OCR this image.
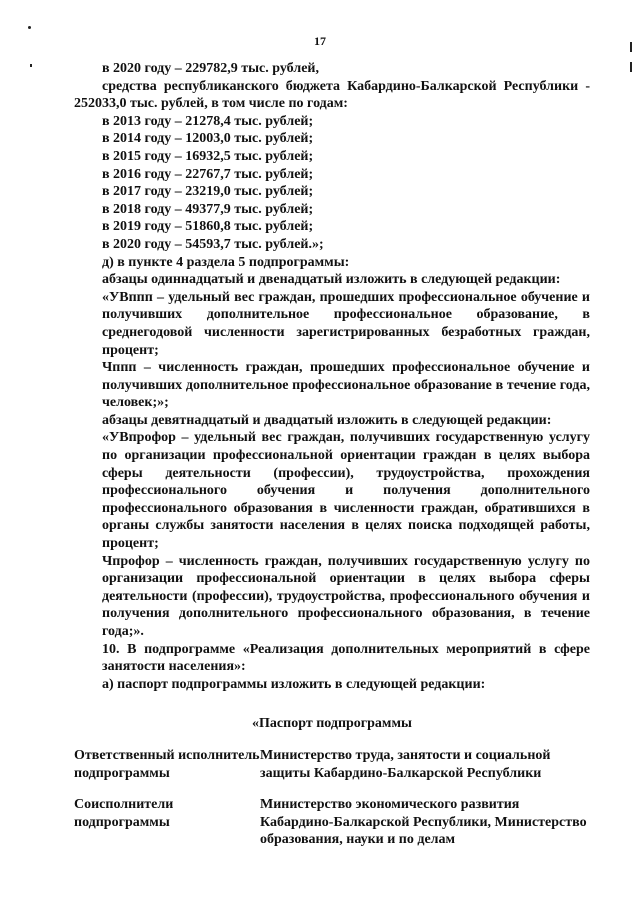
17
в 2020 году – 229782,9 тыс. рублей,
средства республиканского бюджета Кабардино-Балкарской Республики -
252033,0 тыс. рублей, в том числе по годам:
в 2013 году – 21278,4 тыс. рублей;
в 2014 году – 12003,0 тыс. рублей;
в 2015 году – 16932,5 тыс. рублей;
в 2016 году – 22767,7 тыс. рублей;
в 2017 году – 23219,0 тыс. рублей;
в 2018 году – 49377,9 тыс. рублей;
в 2019 году – 51860,8 тыс. рублей;
в 2020 году – 54593,7 тыс. рублей.»;
д) в пункте 4 раздела 5 подпрограммы:
абзацы одиннадцатый и двенадцатый изложить в следующей редакции:
«УВппп – удельный вес граждан, прошедших профессиональное обучение и получивших дополнительное профессиональное образование, в среднегодовой численности зарегистрированных безработных граждан, процент;
Чппп – численность граждан, прошедших профессиональное обучение и получивших дополнительное профессиональное образование в течение года, человек;»;
абзацы девятнадцатый и двадцатый изложить в следующей редакции:
«УВпрофор – удельный вес граждан, получивших государственную услугу по организации профессиональной ориентации граждан в целях выбора сферы деятельности (профессии), трудоустройства, прохождения профессионального обучения и получения дополнительного профессионального образования в численности граждан, обратившихся в органы службы занятости населения в целях поиска подходящей работы, процент;
Чпрофор – численность граждан, получивших государственную услугу по организации профессиональной ориентации в целях выбора сферы деятельности (профессии), трудоустройства, профессионального обучения и получения дополнительного профессионального образования, в течение года;».
10. В подпрограмме «Реализация дополнительных мероприятий в сфере занятости населения»:
а) паспорт подпрограммы изложить в следующей редакции:
«Паспорт подпрограммы
Ответственный исполнитель подпрограммы
Министерство труда, занятости и социальной защиты Кабардино-Балкарской Республики
Соисполнители подпрограммы
Министерство экономического развития Кабардино-Балкарской Республики, Министерство образования, науки и по делам
